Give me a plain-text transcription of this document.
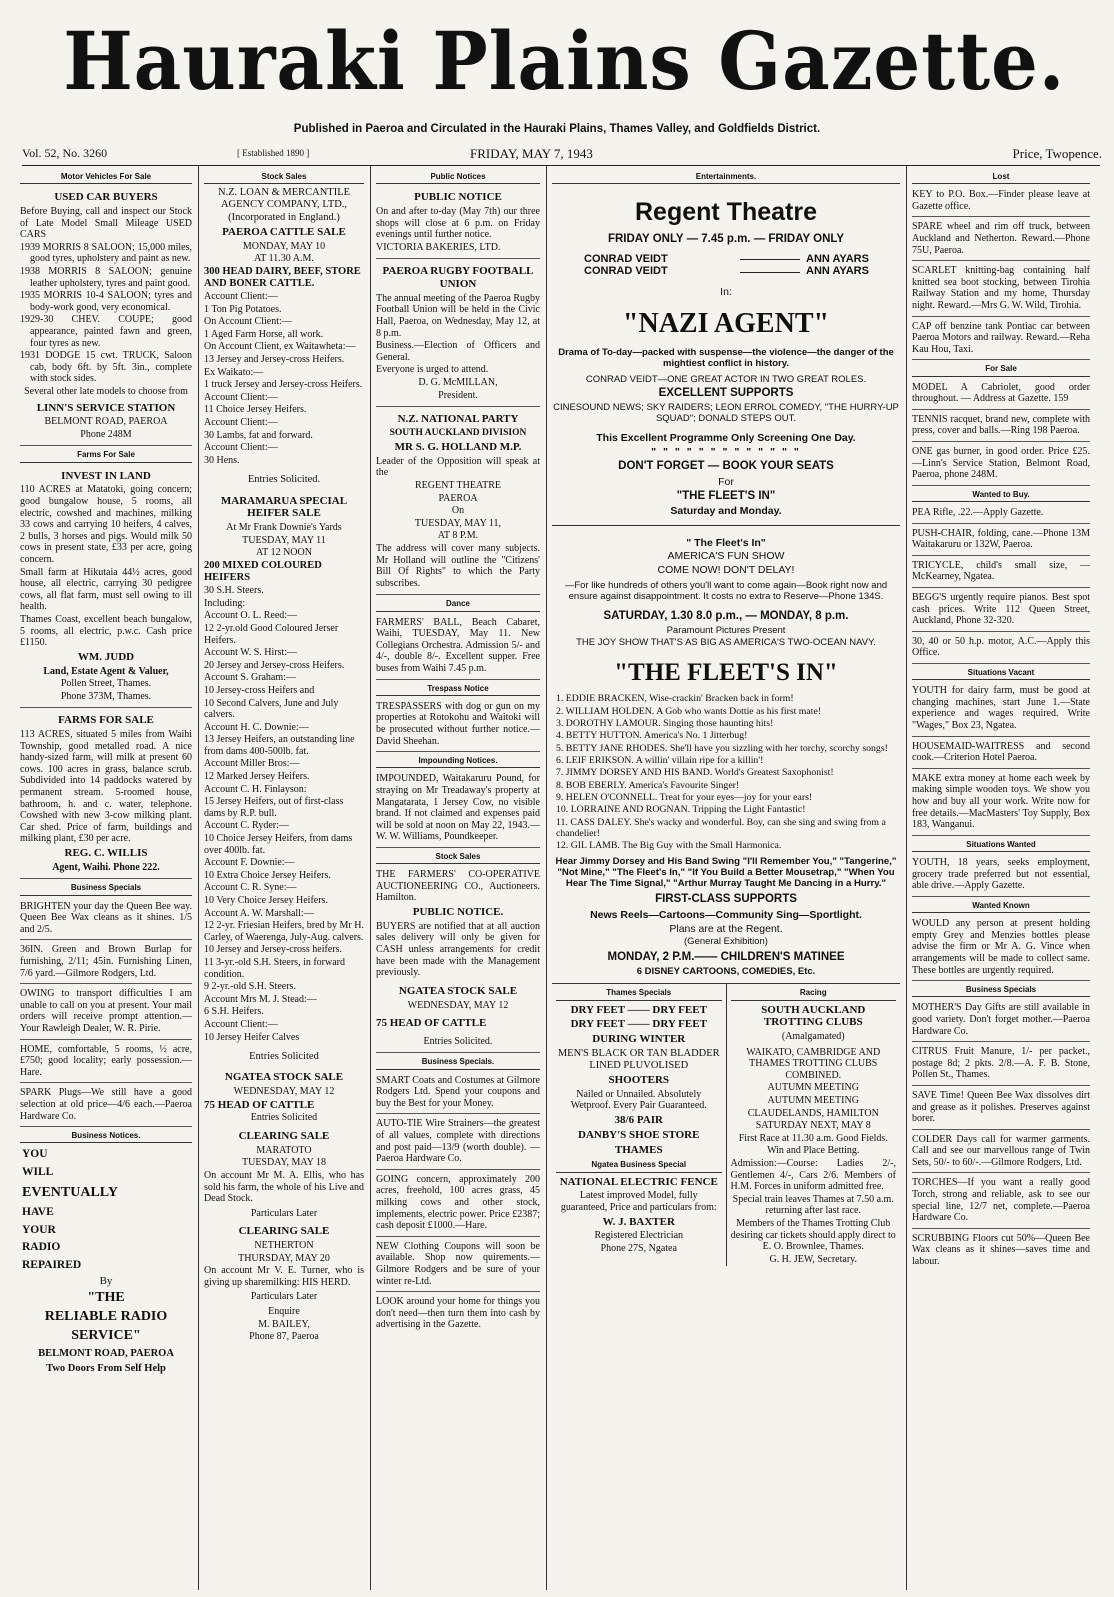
Hauraki Plains Gazette.
Published in Paeroa and Circulated in the Hauraki Plains, Thames Valley, and Goldfields District.
Vol. 52, No. 3260	[ Established 1890 ]	FRIDAY, MAY 7, 1943	Price, Twopence.
Motor Vehicles For Sale
USED CAR BUYERS

Before Buying, call and inspect our Stock of Late Model Small Mileage USED CARS

1939 MORRIS 8 SALOON; 15,000 miles, good tyres, upholstery and paint as new.

1938 MORRIS 8 SALOON; genuine leather upholstery, tyres and paint good.

1935 MORRIS 10-4 SALOON; tyres and body-work good, very economical.

1929-30 CHEV. COUPE; good appearance, painted fawn and green, four tyres as new.

1931 DODGE 15 cwt. TRUCK, Saloon cab, body 6ft. by 5ft. 3in., complete with stock sides.

Several other late models to choose from

LINN'S SERVICE STATION

BELMONT ROAD, PAEROA

Phone 248M

Farms For Sale
INVEST IN LAND

110 ACRES at Matatoki, going concern; good bungalow house, 5 rooms, all electric, cowshed and machines, milking 33 cows and carrying 10 heifers, 4 calves, 2 bulls, 3 horses and pigs. Would milk 50 cows in present state, £33 per acre, going concern.

Small farm at Hikutaia 44½ acres, good house, all electric, carrying 30 pedigree cows, all flat farm, must sell owing to ill health.

Thames Coast, excellent beach bungalow, 5 rooms, all electric, p.w.c. Cash price £1150.

WM. JUDD

Land, Estate Agent & Valuer,

Pollen Street, Thames.

Phone 373M, Thames.

FARMS FOR SALE

113 ACRES, situated 5 miles from Waihi Township, good metalled road. A nice handy-sized farm, will milk at present 60 cows. 100 acres in grass, balance scrub. Subdivided into 14 paddocks watered by permanent stream. 5-roomed house, bathroom, h. and c. water, telephone. Cowshed with new 3-cow milking plant. Car shed. Price of farm, buildings and milking plant, £30 per acre.

REG. C. WILLIS

Agent, Waihi. Phone 222.

Business Specials
BRIGHTEN your day the Queen Bee way. Queen Bee Wax cleans as it shines. 1/5 and 2/5.
36IN. Green and Brown Burlap for furnishing, 2/11; 45in. Furnishing Linen, 7/6 yard.—Gilmore Rodgers, Ltd.
OWING to transport difficulties I am unable to call on you at present. Your mail orders will receive prompt attention.—Your Rawleigh Dealer, W. R. Pirie.
HOME, comfortable, 5 rooms, ½ acre, £750; good locality; early possession.—Hare.
SPARK Plugs—We still have a good selection at old price—4/6 each.—Paeroa Hardware Co.
Business Notices.
YOU
WILL
EVENTUALLY
HAVE
YOUR
RADIO
REPAIRED

By

"THE

RELIABLE RADIO

SERVICE"

BELMONT ROAD, PAEROA

Two Doors From Self Help

Stock Sales

N.Z. LOAN & MERCANTILE AGENCY COMPANY, LTD., (Incorporated in England.)

PAEROA CATTLE SALE

MONDAY, MAY 10

AT 11.30 A.M.

300 HEAD DAIRY, BEEF, STORE AND BONER CATTLE.

Account Client:—

1 Ton Pig Potatoes.

On Account Client:—

1 Aged Farm Horse, all work.

On Account Client, ex Waitawheta:—

13 Jersey and Jersey-cross Heifers.

Ex Waikato:—

1 truck Jersey and Jersey-cross Heifers.

Account Client:—

11 Choice Jersey Heifers.

Account Client:—

30 Lambs, fat and forward.

Account Client:—

30 Hens.

Entries Solicited.

MARAMARUA SPECIAL HEIFER SALE

At Mr Frank Downie's Yards

TUESDAY, MAY 11

AT 12 NOON

200 MIXED COLOURED HEIFERS

30 S.H. Steers.

Including:

Account O. L. Reed:—

12 2-yr.old Good Coloured Jerser Heifers.

Account W. S. Hirst:—

20 Jersey and Jersey-cross Heifers.

Account S. Graham:—

10 Jersey-cross Heifers and

10 Second Calvers, June and July calvers.

Account H. C. Downie:—

13 Jersey Heifers, an outstanding line from dams 400-500lb. fat.

Account Miller Bros:—

12 Marked Jersey Heifers.

Account C. H. Finlayson:

15 Jersey Heifers, out of first-class dams by R.P. bull.

Account C. Ryder:—

10 Choice Jersey Heifers, from dams over 400lb. fat.

Account F. Downie:—

10 Extra Choice Jersey Heifers.

Account C. R. Syne:—

10 Very Choice Jersey Heifers.

Account A. W. Marshall:—

12 2-yr. Friesian Heifers, bred by Mr H. Carley, of Waerenga, July-Aug. calvers.

10 Jersey and Jersey-cross heifers.

11 3-yr.-old S.H. Steers, in forward condition.

9 2-yr.-old S.H. Steers.

Account Mrs M. J. Stead:—

6 S.H. Heifers.

Account Client:—

10 Jersey Heifer Calves

Entries Solicited

NGATEA STOCK SALE

WEDNESDAY, MAY 12

75 HEAD OF CATTLE

Entries Solicited

CLEARING SALE

MARATOTO

TUESDAY, MAY 18

On account Mr M. A. Ellis, who has sold his farm, the whole of his Live and Dead Stock.

Particulars Later

CLEARING SALE

NETHERTON

THURSDAY, MAY 20

On account Mr V. E. Turner, who is giving up sharemilking: HIS HERD.

Particulars Later

Enquire

M. BAILEY,

Phone 87, Paeroa

Public Notices
PUBLIC NOTICE

On and after to-day (May 7th) our three shops will close at 6 p.m. on Friday evenings until further notice.

VICTORIA BAKERIES, LTD.

PAEROA RUGBY FOOTBALL UNION

The annual meeting of the Paeroa Rugby Football Union will be held in the Civic Hall, Paeroa, on Wednesday, May 12, at 8 p.m.

Business.—Election of Officers and General.

Everyone is urged to attend.

D. G. McMILLAN,

President.

N.Z. NATIONAL PARTY

SOUTH AUCKLAND DIVISION

MR S. G. HOLLAND M.P.

Leader of the Opposition will speak at the

REGENT THEATRE

PAEROA

On

TUESDAY, MAY 11,

AT 8 P.M.

The address will cover many subjects. Mr Holland will outline the "Citizens' Bill Of Rights" to which the Party subscribes.

Dance
FARMERS' BALL, Beach Cabaret, Waihi, TUESDAY, May 11. New Collegians Orchestra. Admission 5/- and 4/-, double 8/-. Excellent supper. Free buses from Waihi 7.45 p.m.
Trespass Notice
TRESPASSERS with dog or gun on my properties at Rotokohu and Waitoki will be prosecuted without further notice.—David Sheehan.
Impounding Notices.
IMPOUNDED, Waitakaruru Pound, for straying on Mr Treadaway's property at Mangatarata, 1 Jersey Cow, no visible brand. If not claimed and expenses paid will be sold at noon on May 22, 1943.—W. W. Williams, Poundkeeper.
Stock Sales

THE FARMERS' CO-OPERATIVE AUCTIONEERING CO., Auctioneers. Hamilton.

PUBLIC NOTICE.

BUYERS are notified that at all auction sales delivery will only be given for CASH unless arrangements for credit have been made with the Management previously.

NGATEA STOCK SALE

WEDNESDAY, MAY 12

75 HEAD OF CATTLE

Entries Solicited.

Business Specials.
SMART Coats and Costumes at Gilmore Rodgers Ltd. Spend your coupons and buy the Best for your Money.
AUTO-TIE Wire Strainers—the greatest of all values, complete with directions and post paid—13/9 (worth double). —Paeroa Hardware Co.
GOING concern, approximately 200 acres, freehold, 100 acres grass, 45 milking cows and other stock, implements, electric power. Price £2387; cash deposit £1000.—Hare.
NEW Clothing Coupons will soon be available. Shop now quirements.—Gilmore Rodgers and be sure of your winter re-Ltd.
LOOK around your home for things you don't need—then turn them into cash by advertising in the Gazette.
Entertainments.
Regent Theatre
FRIDAY ONLY — 7.45 p.m. — FRIDAY ONLY
CONRAD VEIDT	ANN AYARS
CONRAD VEIDT	ANN AYARS
In:
"NAZI AGENT"
Drama of To-day—packed with suspense—the violence—the danger of the mightiest conflict in history.
CONRAD VEIDT—ONE GREAT ACTOR IN TWO GREAT ROLES.
EXCELLENT SUPPORTS
CINESOUND NEWS; SKY RAIDERS; LEON ERROL COMEDY, "THE HURRY-UP SQUAD"; DONALD STEPS OUT.
This Excellent Programme Only Screening One Day.
" " " " " " " " " " " " "
DON'T FORGET — BOOK YOUR SEATS
For
"THE FLEET'S IN"
Saturday and Monday.
" The Fleet's In"
AMERICA'S FUN SHOW
COME NOW! DON'T DELAY!
—For like hundreds of others you'll want to come again—Book right now and ensure against disappointment. It costs no extra to Reserve—Phone 134S.
SATURDAY, 1.30 8.0 p.m., — MONDAY, 8 p.m.
Paramount Pictures Present
THE JOY SHOW THAT'S AS BIG AS AMERICA'S TWO-OCEAN NAVY.
"THE FLEET'S IN"

1. EDDIE BRACKEN, Wise-crackin' Bracken back in form!

2. WILLIAM HOLDEN. A Gob who wants Dottie as his first mate!

3. DOROTHY LAMOUR. Singing those haunting hits!

4. BETTY HUTTON. America's No. 1 Jitterbug!

5. BETTY JANE RHODES. She'll have you sizzling with her torchy, scorchy songs!

6. LEIF ERIKSON. A willin' villain ripe for a killin'!

7. JIMMY DORSEY AND HIS BAND. World's Greatest Saxophonist!

8. BOB EBERLY. America's Favourite Singer!

9. HELEN O'CONNELL. Treat for your eyes—joy for your ears!

10. LORRAINE AND ROGNAN. Tripping the Light Fantastic!

11. CASS DALEY. She's wacky and wonderful. Boy, can she sing and swing from a chandelier!

12. GIL LAMB. The Big Guy with the Small Harmonica.

Hear Jimmy Dorsey and His Band Swing "I'll Remember You," "Tangerine," "Not Mine," "The Fleet's In," "If You Build a Better Mousetrap," "When You Hear The Time Signal," "Arthur Murray Taught Me Dancing in a Hurry."
FIRST-CLASS SUPPORTS
News Reels—Cartoons—Community Sing—Sportlight.
Plans are at the Regent.
(General Exhibition)
MONDAY, 2 P.M.—— CHILDREN'S MATINEE
6 DISNEY CARTOONS, COMEDIES, Etc.
Thames Specials
DRY FEET —— DRY FEET
DRY FEET —— DRY FEET
DURING WINTER

MEN'S BLACK OR TAN BLADDER LINED PLUVOLISED

SHOOTERS

Nailed or Unnailed. Absolutely Wetproof. Every Pair Guaranteed.

38/6 PAIR
DANBY'S SHOE STORE
THAMES
Ngatea Business Special
NATIONAL ELECTRIC FENCE

Latest improved Model, fully guaranteed, Price and particulars from:

W. J. BAXTER

Registered Electrician

Phone 27S, Ngatea

Racing
SOUTH AUCKLAND TROTTING CLUBS

(Amalgamated)

WAIKATO, CAMBRIDGE AND THAMES TROTTING CLUBS COMBINED.

AUTUMN MEETING

AUTUMN MEETING

CLAUDELANDS, HAMILTON

SATURDAY NEXT, MAY 8

First Race at 11.30 a.m. Good Fields.

Win and Place Betting.

Admission:—Course: Ladies 2/-, Gentlemen 4/-, Cars 2/6. Members of H.M. Forces in uniform admitted free.

Special train leaves Thames at 7.50 a.m. returning after last race.

Members of the Thames Trotting Club desiring car tickets should apply direct to E. O. Brownlee, Thames.

G. H. JEW, Secretary.

Lost
KEY to P.O. Box.—Finder please leave at Gazette office.
SPARE wheel and rim off truck, between Auckland and Netherton. Reward.—Phone 75U, Paeroa.
SCARLET knitting-bag containing half knitted sea boot stocking, between Tirohia Railway Station and my home, Thursday night. Reward.—Mrs G. W. Wild, Tirohia.
CAP off benzine tank Pontiac car between Paeroa Motors and railway. Reward.—Reha Kau Hou, Taxi.
For Sale
MODEL A Cabriolet, good order throughout. — Address at Gazette. 159
TENNIS racquet, brand new, complete with press, cover and balls.—Ring 198 Paeroa.
ONE gas burner, in good order. Price £25.—Linn's Service Station, Belmont Road, Paeroa, phone 248M.
Wanted to Buy.
PEA Rifle, .22.—Apply Gazette.
PUSH-CHAIR, folding, cane.—Phone 13M Waitakaruru or 132W, Paeroa.
TRICYCLE, child's small size, —McKearney, Ngatea.
BEGG'S urgently require pianos. Best spot cash prices. Write 112 Queen Street, Auckland, Phone 32-320.
30, 40 or 50 h.p. motor, A.C.—Apply this Office.
Situations Vacant
YOUTH for dairy farm, must be good at changing machines, start June 1.—State experience and wages required. Write "Wages," Box 23, Ngatea.
HOUSEMAID-WAITRESS and second cook.—Criterion Hotel Paeroa.
MAKE extra money at home each week by making simple wooden toys. We show you how and buy all your work. Write now for free details.—MacMasters' Toy Supply, Box 183, Wanganui.
Situations Wanted
YOUTH, 18 years, seeks employment, grocery trade preferred but not essential, able drive.—Apply Gazette.
Wanted Known
WOULD any person at present holding empty Grey and Menzies bottles please advise the firm or Mr A. G. Vince when arrangements will be made to collect same. These bottles are urgently required.
Business Specials
MOTHER'S Day Gifts are still available in good variety. Don't forget mother.—Paeroa Hardware Co.
CITRUS Fruit Manure, 1/- per packet., postage 8d; 2 pkts. 2/8.—A. F. B. Stone, Pollen St., Thames.
SAVE Time! Queen Bee Wax dissolves dirt and grease as it polishes. Preserves against borer.
COLDER Days call for warmer garments. Call and see our marvellous range of Twin Sets, 50/- to 60/-.—Gilmore Rodgers, Ltd.
TORCHES—If you want a really good Torch, strong and reliable, ask to see our special line, 12/7 net, complete.—Paeroa Hardware Co.
SCRUBBING Floors cut 50%—Queen Bee Wax cleans as it shines—saves time and labour.
